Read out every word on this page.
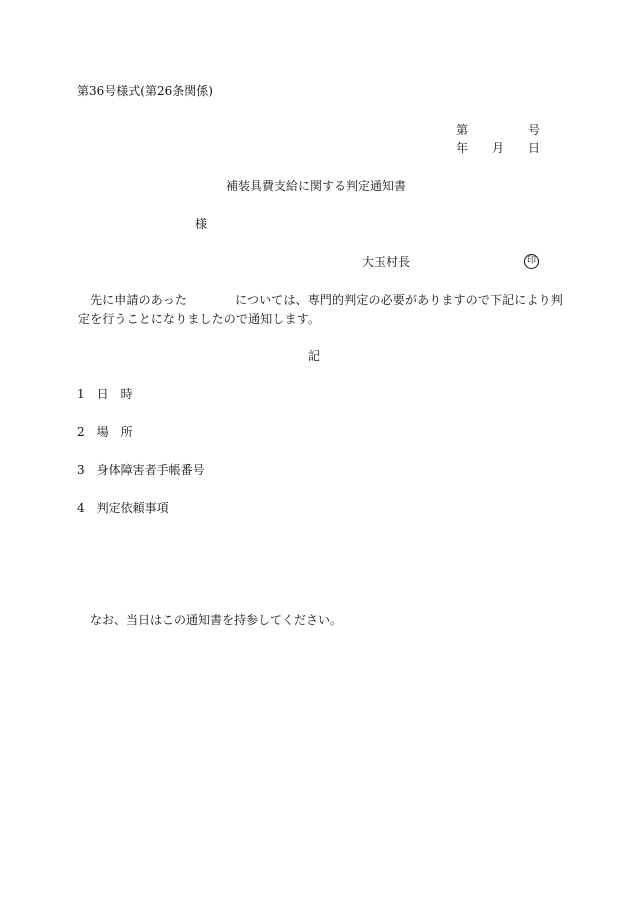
第36号様式(第26条関係)
第	号
年 月 日
補装具費支給に関する判定通知書
様
大玉村長	印
先に申請のあった	については、専門的判定の必要がありますので下記により判
定を行うことになりましたので通知します。
記
1 日　時
2 場　所
3 身体障害者手帳番号
4 判定依頼事項
なお、当日はこの通知書を持参してください。
